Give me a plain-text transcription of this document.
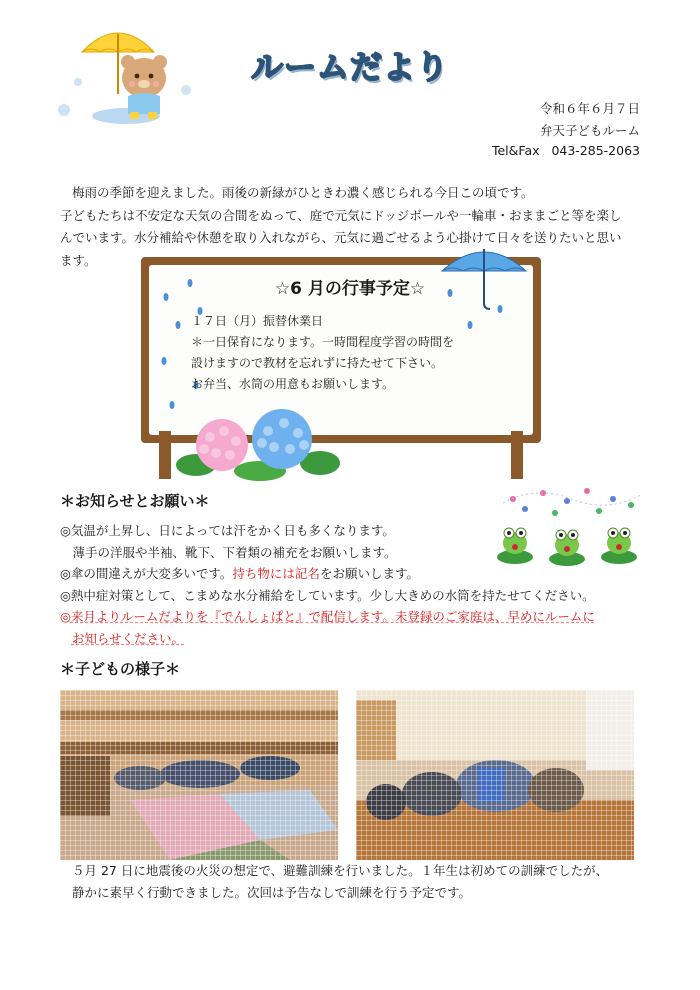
ルームだより
令和６年６月７日
弁天子どもルーム
Tel&Fax 043-285-2063

梅雨の季節を迎えました。雨後の新緑がひときわ濃く感じられる今日この頃です。

子どもたちは不安定な天気の合間をぬって、庭で元気にドッジボールや一輪車・おままごと等を楽し

んでいます。水分補給や休憩を取り入れながら、元気に過ごせるよう心掛けて日々を送りたいと思い

ます。

☆6 月の行事予定☆
１７日（月）振替休業日
＊一日保育になります。一時間程度学習の時間を
設けますので教材を忘れずに持たせて下さい。
お弁当、水筒の用意もお願いします。
＊お知らせとお願い＊
◎気温が上昇し、日によっては汗をかく日も多くなります。
　薄手の洋服や半袖、靴下、下着類の補充をお願いします。
◎傘の間違えが大変多いです。持ち物には記名をお願いします。
◎熱中症対策として、こまめな水分補給をしています。少し大きめの水筒を持たせてください。
◎来月よりルームだよりを『でんしょぱと』で配信します。未登録のご家庭は、早めにルームに
お知らせください。
＊子どもの様子＊

５月 27 日に地震後の火災の想定で、避難訓練を行いました。１年生は初めての訓練でしたが、

静かに素早く行動できました。次回は予告なしで訓練を行う予定です。
